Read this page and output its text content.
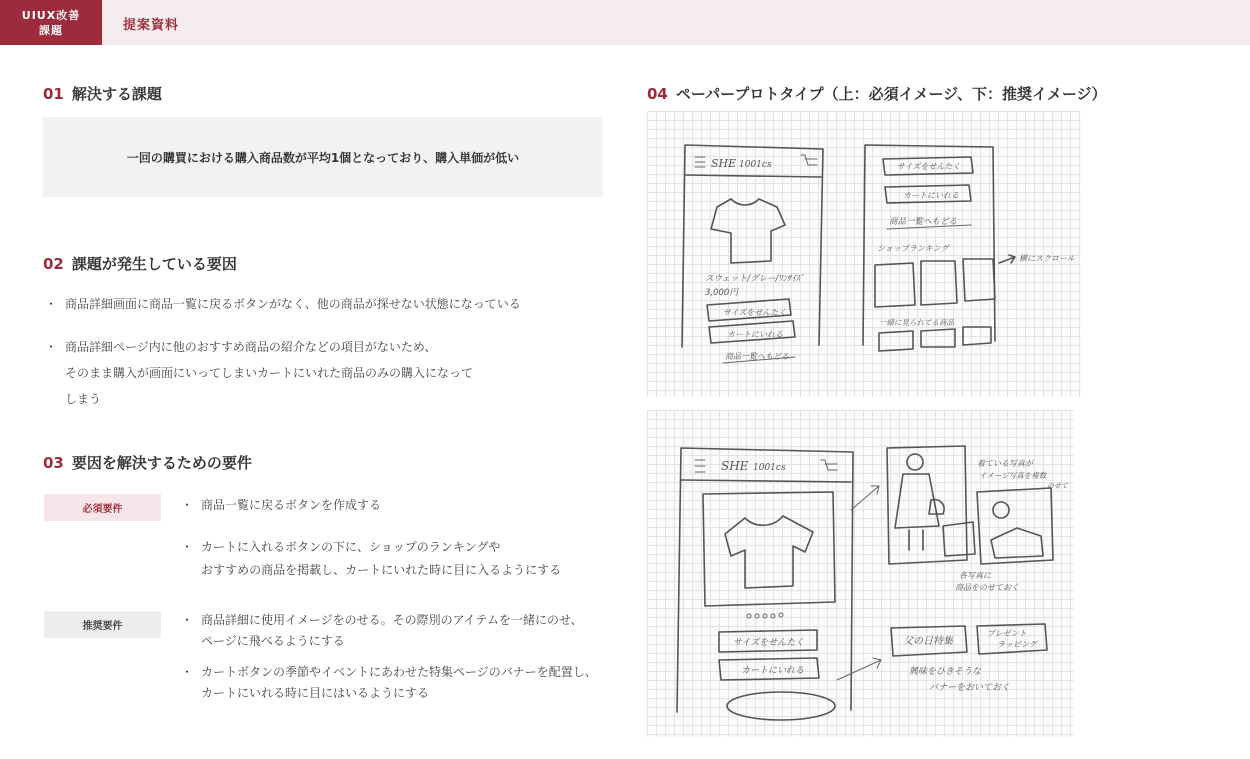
UIUX改善
課題	提案資料
01 解決する課題
一回の購買における購入商品数が平均1個となっており、購入単価が低い
02 課題が発生している要因
・ 商品詳細画面に商品一覧に戻るボタンがなく、他の商品が探せない状態になっている
・ 商品詳細ページ内に他のおすすめ商品の紹介などの項目がないため、
そのまま購入が画面にいってしまいカートにいれた商品のみの購入になって
しまう
03 要因を解決するための要件
必須要件	・ 商品一覧に戻るボタンを作成する
・ カートに入れるボタンの下に、ショップのランキングや
おすすめの商品を掲載し、カートにいれた時に目に入るようにする
推奨要件	・ 商品詳細に使用イメージをのせる。その際別のアイテムを一緒にのせ、
ページに飛べるようにする
・ カートボタンの季節やイベントにあわせた特集ページのバナーを配置し、
カートにいれる時に目にはいるようにする
04 ペーパープロトタイプ（上：必須イメージ、下：推奨イメージ）
SHE 1001cs
スウェット/グレー/ﾜﾝｻｲｽﾞ
3,000円
サイズをせんたく
カートにいれる
商品一覧へもどる
サイズをせんたく
カートにいれる
商品一覧へもどる
ショップランキング
横にスクロール
一緒に見られてる商品
SHE 1001cs
サイズをせんたく
カートにいれる
着ている写真が
イメージ写真を複数
のせて
各写真に
商品をのせておく
父の日特集
プレゼント
ラッピング
興味をひきそうな
バナーをおいておく
